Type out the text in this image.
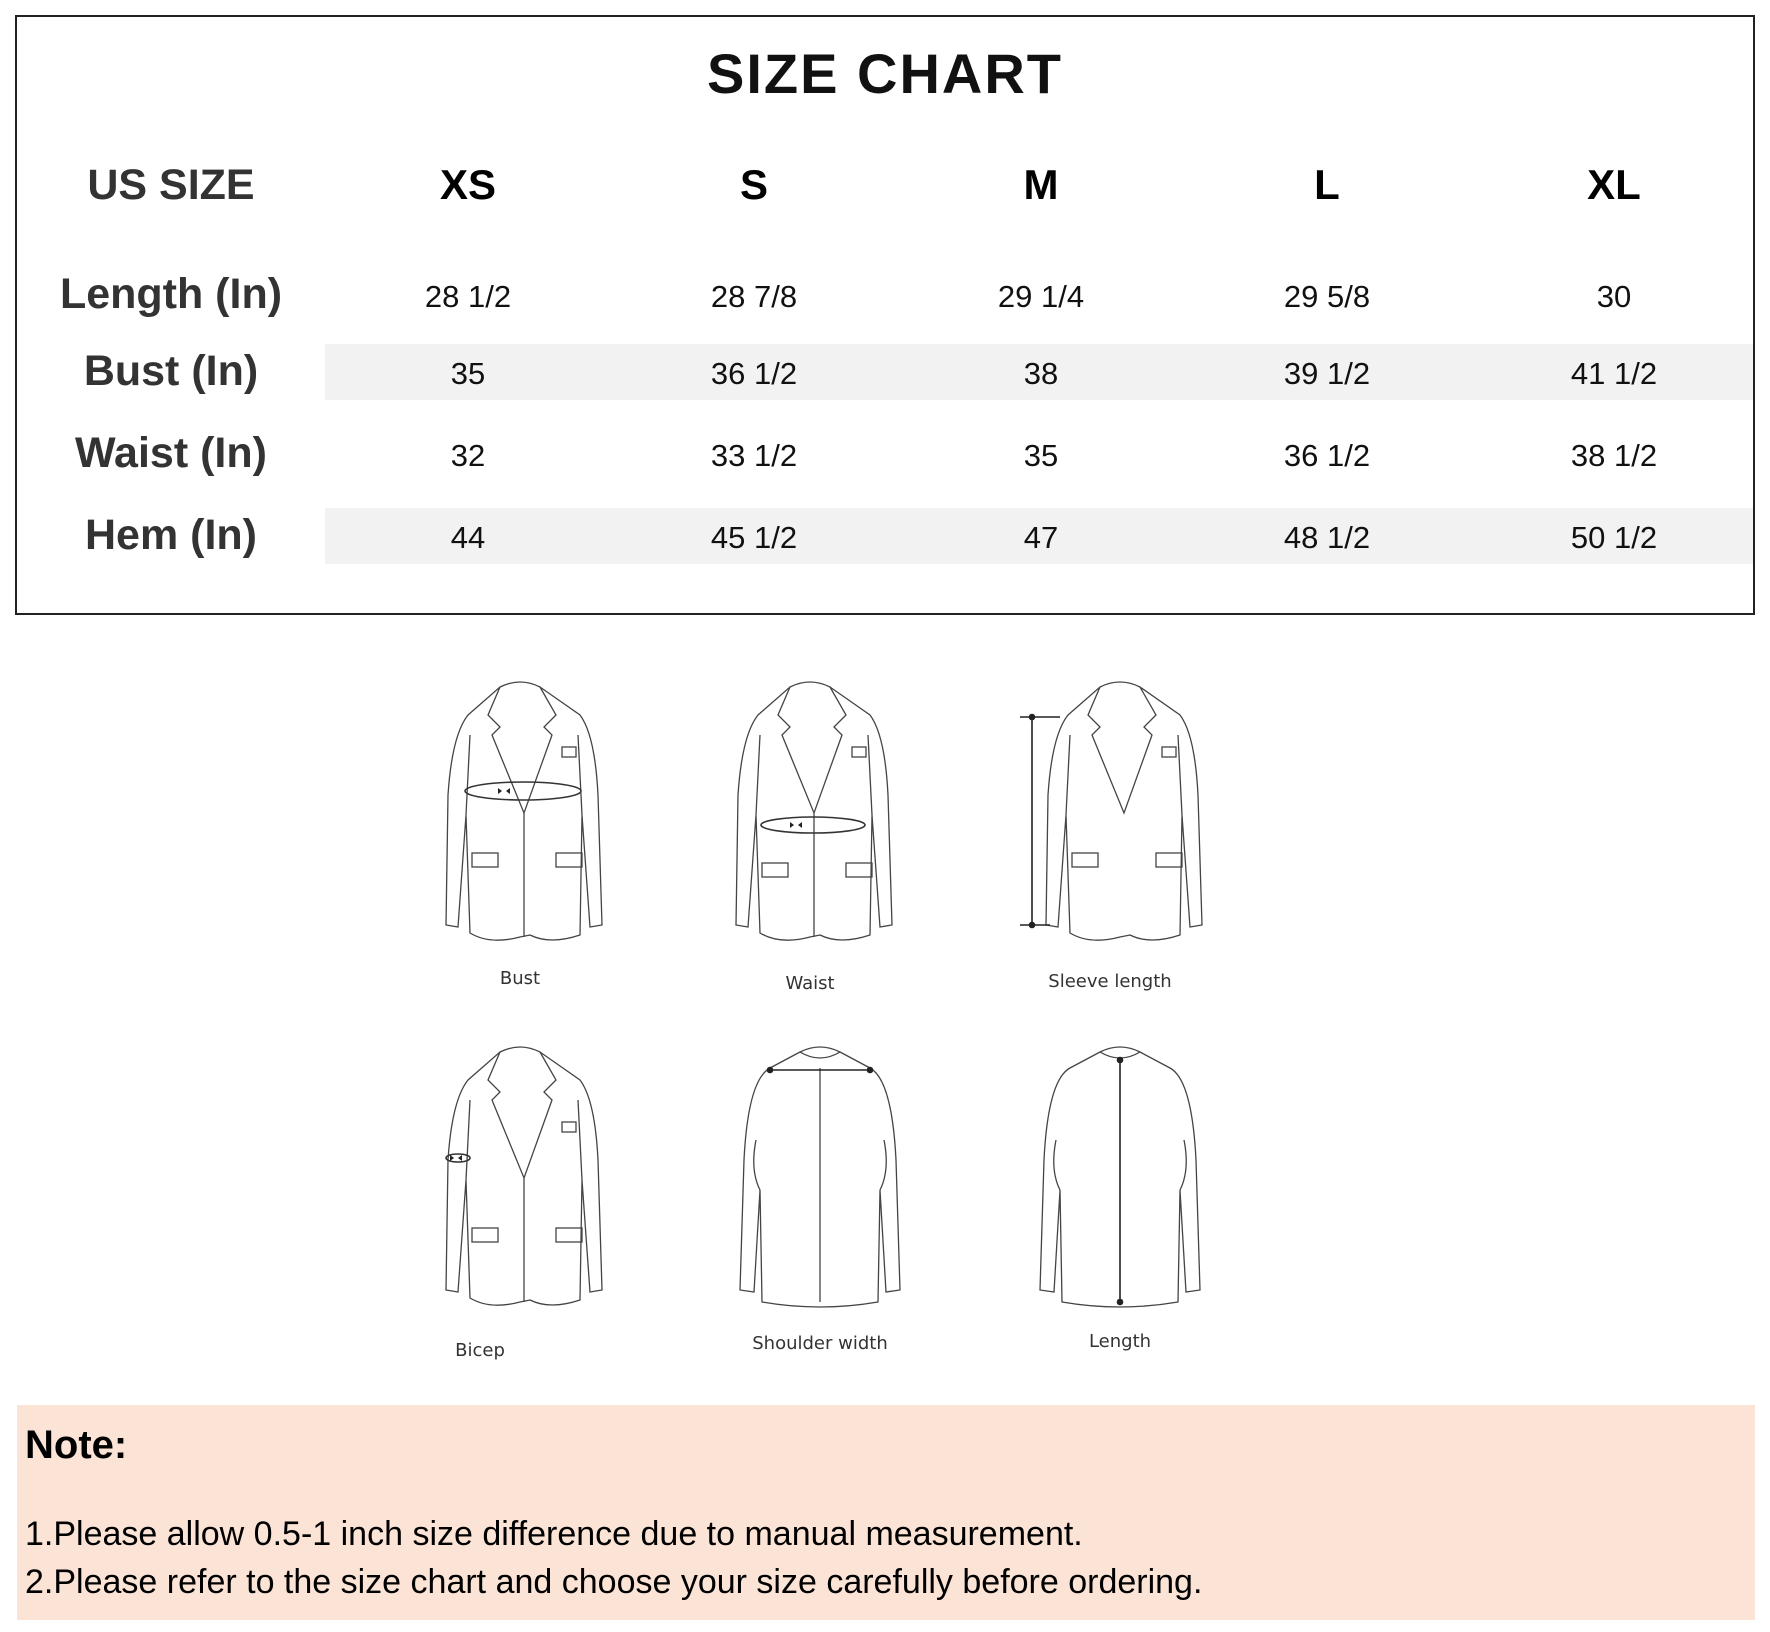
SIZE CHART
US SIZE	XS	S	M	L	XL
Length (In)	28 1/2	28 7/8	29 1/4	29 5/8	30
Bust (In)	35	36 1/2	38	39 1/2	41 1/2
Waist (In)	32	33 1/2	35	36 1/2	38 1/2
Hem (In)	44	45 1/2	47	48 1/2	50 1/2
Bust	Waist	Sleeve length
Bicep	Shoulder width	Length
Note:
1.Please allow 0.5-1 inch size difference due to manual measurement.
2.Please refer to the size chart and choose your size carefully before ordering.
